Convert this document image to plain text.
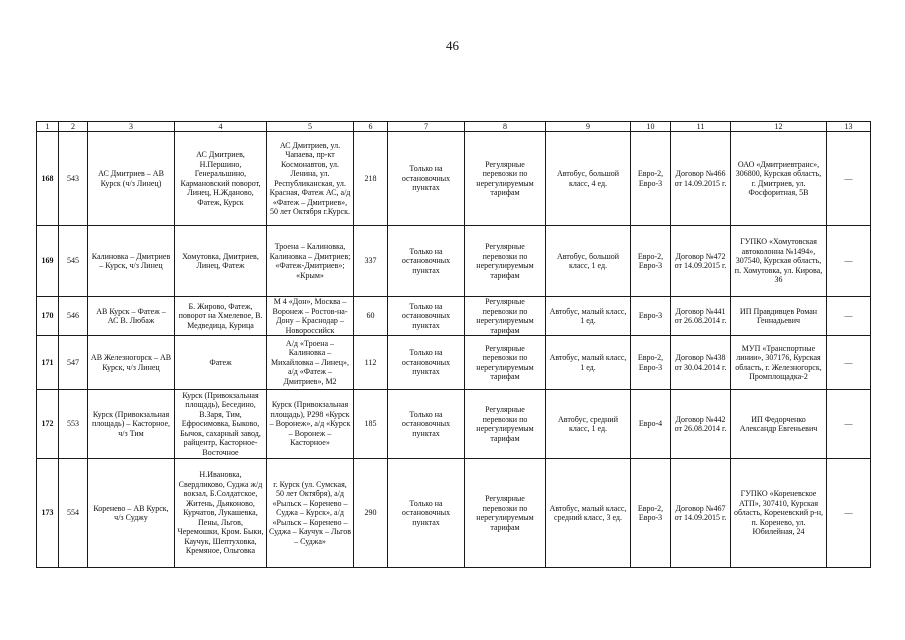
46
1	2	3	4	5	6	7	8	9	10	11	12	13
168	543	АС Дмитриев – АВ Курск (ч/з Линец)	АС Дмитриев, Н.Першино, Генеральшино, Кармановский поворот, Линец, Н.Жданово, Фатеж, Курск	АС Дмитриев, ул. Чапаева, пр-кт Космонавтов, ул. Ленина, ул. Республиканская, ул. Красная, Фатеж АС, а/д «Фатеж – Дмитриев», 50 лет Октября г.Курск.	218	Только на остановочных пунктах	Регулярные перевозки по нерегулируемым тарифам	Автобус, большой класс, 4 ед.	Евро-2, Евро-3	Договор №466 от 14.09.2015 г.	ОАО «Дмитриевтранс», 306800, Курская область, г. Дмитриев, ул. Фосфоритная, 5В	—
169	545	Калиновка – Дмитриев – Курск, ч/з Линец	Хомутовка, Дмитриев, Линец, Фатеж	Троена – Калиновка, Калиновка – Дмитриев; «Фатеж-Дмитриев»; «Крым»	337	Только на остановочных пунктах	Регулярные перевозки по нерегулируемым тарифам	Автобус, большой класс, 1 ед.	Евро-2, Евро-3	Договор №472 от 14.09.2015 г.	ГУПКО «Хомутовская автоколонна №1494», 307540, Курская область, п. Хомутовка, ул. Кирова, 36	—
170	546	АВ Курск – Фатеж – АС В. Любаж	Б. Жирово, Фатеж, поворот на Хмелевое, В. Медведица, Курица	М 4 «Дон», Москва – Воронеж – Ростов-на-Дону – Краснодар – Новороссийск	60	Только на остановочных пунктах	Регулярные перевозки по нерегулируемым тарифам	Автобус, малый класс, 1 ед.	Евро-3	Договор №441 от 26.08.2014 г.	ИП Правдивцев Роман Геннадьевич	—
171	547	АВ Железногорск – АВ Курск, ч/з Линец	Фатеж	А/д «Троена – Калиновка – Михайловка – Линец», а/д «Фатеж – Дмитриев», М2	112	Только на остановочных пунктах	Регулярные перевозки по нерегулируемым тарифам	Автобус, малый класс, 1 ед.	Евро-2, Евро-3	Договор №438 от 30.04.2014 г.	МУП «Транспортные линии», 307176, Курская область, г. Железногорск, Промплощадка-2	—
172	553	Курск (Привокзальная площадь) – Касторное, ч/з Тим	Курск (Привокзальная площадь), Беседино, В.Заря, Тим, Ефросимовка, Быково, Бычок, сахарный завод, райцентр, Касторное-Восточное	Курск (Привокзальная площадь), Р298 «Курск – Воронеж», а/д «Курск – Воронеж – Касторное»	185	Только на остановочных пунктах	Регулярные перевозки по нерегулируемым тарифам	Автобус, средний класс, 1 ед.	Евро-4	Договор №442 от 26.08.2014 г.	ИП Федорченко Александр Евгеньевич	—
173	554	Коренево – АВ Курск, ч/з Суджу	Н.Ивановка, Свердликово, Суджа ж/д вокзал, Б.Солдатское, Житень, Дьяконово, Курчатов, Лукашевка, Пены, Льгов, Черемошки, Кром. Быки, Каучук, Шептуховка, Кремяное, Ольговка	г. Курск (ул. Сумская, 50 лет Октября), а/д «Рыльск – Кореневo – Суджа – Курск», а/д «Рыльск – Кореневo – Суджа – Каучук – Льгов – Суджа»	290	Только на остановочных пунктах	Регулярные перевозки по нерегулируемым тарифам	Автобус, малый класс, средний класс, 3 ед.	Евро-2, Евро-3	Договор №467 от 14.09.2015 г.	ГУПКО «Кореневское АТП», 307410, Курская область, Кореневский р-н, п. Кореневo, ул. Юбилейная, 24	—
